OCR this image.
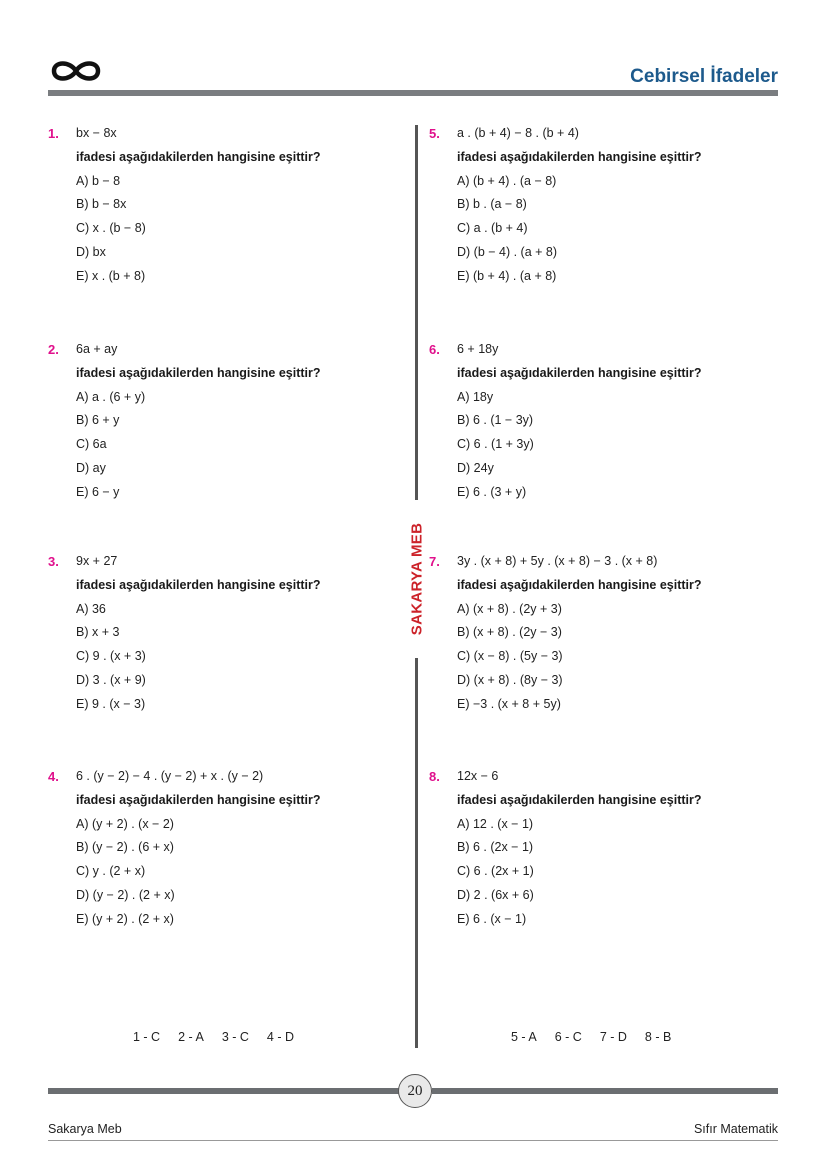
Cebirsel İfadeler
1. bx − 8x
ifadesi aşağıdakilerden hangisine eşittir?
A) b − 8
B) b − 8x
C) x . (b − 8)
D) bx
E) x . (b + 8)
2. 6a + ay
ifadesi aşağıdakilerden hangisine eşittir?
A) a . (6 + y)
B) 6 + y
C) 6a
D) ay
E) 6 − y
3. 9x + 27
ifadesi aşağıdakilerden hangisine eşittir?
A) 36
B) x + 3
C) 9 . (x + 3)
D) 3 . (x + 9)
E) 9 . (x − 3)
4. 6 . (y − 2) − 4 . (y − 2) + x . (y − 2)
ifadesi aşağıdakilerden hangisine eşittir?
A) (y + 2) . (x − 2)
B) (y − 2) . (6 + x)
C) y . (2 + x)
D) (y − 2) . (2 + x)
E) (y + 2) . (2 + x)
5. a . (b + 4) − 8 . (b + 4)
ifadesi aşağıdakilerden hangisine eşittir?
A) (b + 4) . (a − 8)
B) b . (a − 8)
C) a . (b + 4)
D) (b − 4) . (a + 8)
E) (b + 4) . (a + 8)
6. 6 + 18y
ifadesi aşağıdakilerden hangisine eşittir?
A) 18y
B) 6 . (1 − 3y)
C) 6 . (1 + 3y)
D) 24y
E) 6 . (3 + y)
7. 3y . (x + 8) + 5y . (x + 8) − 3 . (x + 8)
ifadesi aşağıdakilerden hangisine eşittir?
A) (x + 8) . (2y + 3)
B) (x + 8) . (2y − 3)
C) (x − 8) . (5y − 3)
D) (x + 8) . (8y − 3)
E) −3 . (x + 8 + 5y)
8. 12x − 6
ifadesi aşağıdakilerden hangisine eşittir?
A) 12 . (x − 1)
B) 6 . (2x − 1)
C) 6 . (2x + 1)
D) 2 . (6x + 6)
E) 6 . (x − 1)
SAKARYA MEB
1 - C 2 - A 3 - C 4 - D	5 - A 6 - C 7 - D 8 - B
20
Sakarya Meb	Sıfır Matematik
